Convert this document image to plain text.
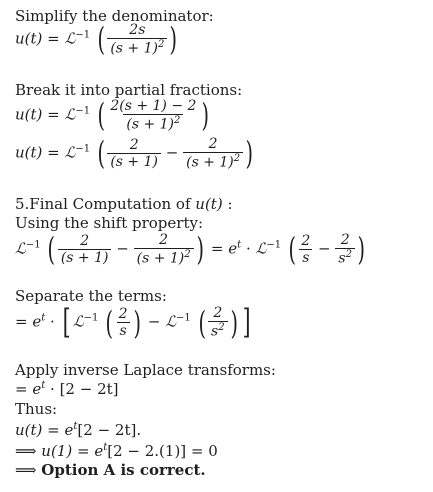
Simplify the denominator:
u(t) = ℒ$^{-1}$ ( $\frac{2s}{(s + 1)^2}$ )
Break it into partial fractions:
u(t) = ℒ$^{-1}$ ( $\frac{2(s + 1) - 2}{(s + 1)^2}$ )
u(t) = ℒ$^{-1}$ ( $\frac{2}{(s + 1)} - \frac{2}{(s + 1)^2}$ )
5.Final Computation of u(t) :
Using the shift property:
ℒ$^{-1}$ ( $\frac{2}{(s + 1)} - \frac{2}{(s + 1)^2}$ ) = $e^t$ · ℒ$^{-1}$ ( $\frac{2}{s} - \frac{2}{s^2}$ )
Separate the terms:
= $e^t$ · [ ℒ$^{-1}$ ( $\frac{2}{s}$ ) − ℒ$^{-1}$ ( $\frac{2}{s^2}$ ) ]
Apply inverse Laplace transforms:
= $e^t \cdot [2 - 2t]$
Thus:
$u(t) = e^t[2 - 2t]$.
⟹ $u(1) = e^t[2 - 2.(1)] = 0$
⟹ Option A is correct.
